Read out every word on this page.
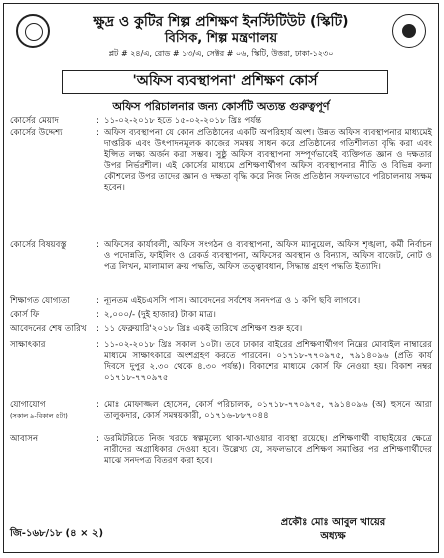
ক্ষুদ্র ও কুটির শিল্প প্রশিক্ষণ ইনস্টিটিউট (স্কিটি)
বিসিক, শিল্প মন্ত্রণালয়
প্লট # ২৪/এ, রোড # ১৩/এ, সেক্টর # ০৬, স্কিটি, উত্তরা, ঢাকা-১২৩০
'অফিস ব্যবস্থাপনা' প্রশিক্ষণ কোর্স
অফিস পরিচালনার জন্য কোর্সটি অত্যন্ত গুরুত্বপূর্ণ
কোর্সের মেয়াদ	: ১১-০২-২০১৮ হতে ১৫-০২-২০১৮ খ্রিঃ পর্যন্ত
কোর্সের উদ্দেশ্য	: অফিস ব্যবস্থাপনা যে কোন প্রতিষ্ঠানের একটি অপরিহার্য অংশ। উন্নত অফিস ব্যবস্থাপনার মাধ্যমেই দাপ্তরিক এবং উৎপাদনমূলক কাজের সমন্বয় সাধন করে প্রতিষ্ঠানের গতিশীলতা বৃদ্ধি করা এবং ইপ্সিত লক্ষ্য অর্জন করা সম্ভব। সুষ্ঠু অফিস ব্যবস্থাপনা সম্পূর্ণভাবেই ব্যক্তিগত জ্ঞান ও দক্ষতার উপর নির্ভরশীল। এই কোর্সের মাধ্যমে প্রশিক্ষণার্থীগণ অফিস ব্যবস্থাপনার নীতি ও বিভিন্ন কলা কৌশলের উপর তাদের জ্ঞান ও দক্ষতা বৃদ্ধি করে নিজ নিজ প্রতিষ্ঠান সফলভাবে পরিচালনায় সক্ষম হবেন।
কোর্সের বিষয়বস্তু	: অফিসের কার্যাবলী, অফিস সংগঠন ও ব্যবস্থাপনা, অফিস ম্যানুয়েল, অফিস শৃঙ্খলা, কর্মী নির্বাচন ও পদোন্নতি, ফাইলিং ও রেকর্ড ব্যবস্থাপনা, অফিসের অবস্থান ও বিন্যাস, অফিস বাজেট, নোট ও পত্র লিখন, মালামাল ক্রয় পদ্ধতি, অফিস তত্ত্বাবধান, সিদ্ধান্ত গ্রহণ পদ্ধতি ইত্যাদি।
শিক্ষাগত যোগ্যতা	: ন্যূনতম এইচএসসি পাস। আবেদনের সর্বশেষ সনদপত্র ও ১ কপি ছবি লাগবে।
কোর্স ফি	: ২,০০০/- (দুই হাজার) টাকা মাত্র।
আবেদনের শেষ তারিখ	: ১১ ফেব্রুয়ারি'২০১৮ খ্রিঃ একই তারিখে প্রশিক্ষণ শুরু হবে।
সাক্ষাৎকার	: ১১-০২-২০১৮ খ্রিঃ সকাল ১০টা। তবে ঢাকার বাইরের প্রশিক্ষণার্থীগণ নিম্নের মোবাইল নাম্বারের মাধ্যমে সাক্ষাৎকারে অংশগ্রহণ করতে পারবেন। ০১৭১৮-৭৭০৯৭৫, ৭৯১৪০৯৬ (প্রতি কার্য দিবসে দুপুর ২.৩০ থেকে ৪.৩০ পর্যন্ত)। বিকাশের মাধ্যমে কোর্স ফি নেওয়া হয়। বিকাশ নম্বর ০১৭১৮-৭৭০৯৭৫
যোগাযোগ
(সকাল ৯-বিকাল ৫টা)
: মোঃ মোফাজ্জল হোসেন, কোর্স পরিচালক, ০১৭১৮-৭৭০৯৭৫, ৭৯১৪০৯৬ (অ) হুসনে আরা তালুকদার, কোর্স সমন্বয়কারী, ০১৭১৬-৮৮৭০৪৪
আবাসন	: ডরমিটরিতে নিজ খরচে স্বল্পমূল্যে থাকা-খাওয়ার ব্যবস্থা রয়েছে। প্রশিক্ষণার্থী বাছাইয়ের ক্ষেত্রে নারীদের অগ্রাধিকার দেওয়া হবে। উল্লেখ্য যে, সফলভাবে প্রশিক্ষণ সমাপ্তির পর প্রশিক্ষণার্থীদের মাঝে সনদপত্র বিতরণ করা হবে।
জি-১৬৮/১৮ (৪ × ২)
প্রকৌঃ মোঃ আবুল খায়ের
অধ্যক্ষ
